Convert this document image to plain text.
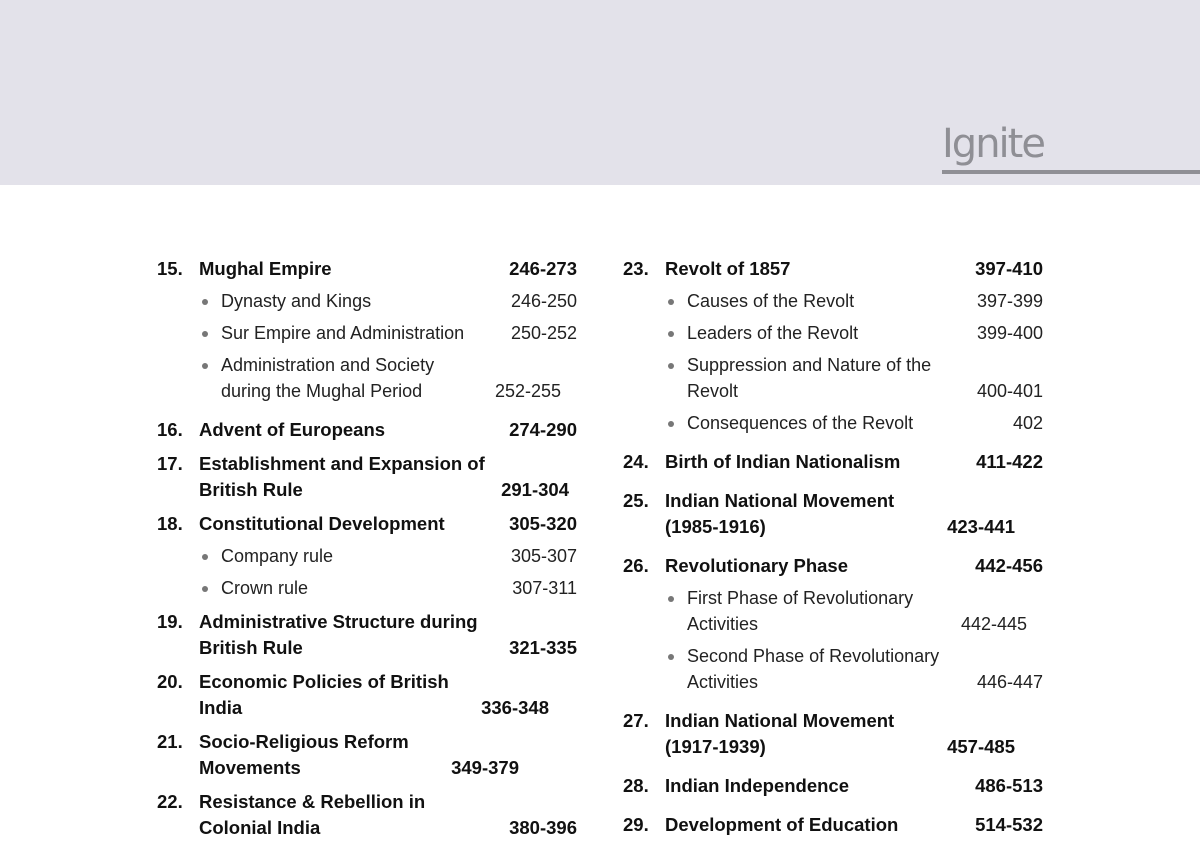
Ignite
15. Mughal Empire	246-273
Dynasty and Kings	246-250
Sur Empire and Administration	250-252
Administration and Society during the Mughal Period	252-255
16. Advent of Europeans	274-290
17. Establishment and Expansion of British Rule	291-304
18. Constitutional Development	305-320
Company rule	305-307
Crown rule	307-311
19. Administrative Structure during British Rule	321-335
20. Economic Policies of British India	336-348
21. Socio-Religious Reform Movements	349-379
22. Resistance & Rebellion in Colonial India	380-396
23. Revolt of 1857	397-410
Causes of the Revolt	397-399
Leaders of the Revolt	399-400
Suppression and Nature of the Revolt	400-401
Consequences of the Revolt	402
24. Birth of Indian Nationalism	411-422
25. Indian National Movement (1985-1916)	423-441
26. Revolutionary Phase	442-456
First Phase of Revolutionary Activities	442-445
Second Phase of Revolutionary Activities	446-447
27. Indian National Movement (1917-1939)	457-485
28. Indian Independence	486-513
29. Development of Education	514-532
